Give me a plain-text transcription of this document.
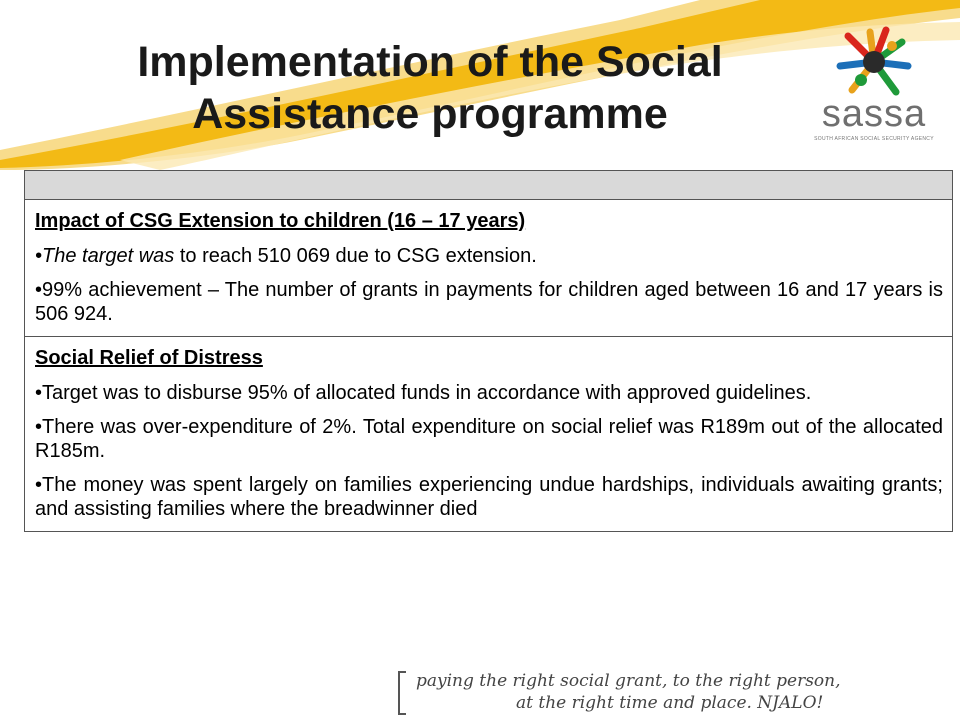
Implementation of the Social
Assistance programme	sassa
SOUTH AFRICAN SOCIAL SECURITY AGENCY

Impact of CSG Extension to children (16 – 17 years)
•The target was to reach 510 069 due to CSG extension.
•99% achievement – The number of grants in payments for children aged between 16 and 17 years is 506 924.

Social Relief of Distress
•Target was to disburse 95% of allocated funds in accordance with approved guidelines.
•There was over-expenditure of 2%. Total expenditure on social relief was R189m out of the allocated R185m.
•The money was spent largely on families experiencing undue hardships, individuals awaiting grants; and assisting families where the breadwinner died
paying the right social grant, to the right person,
at the right time and place. NJALO!
